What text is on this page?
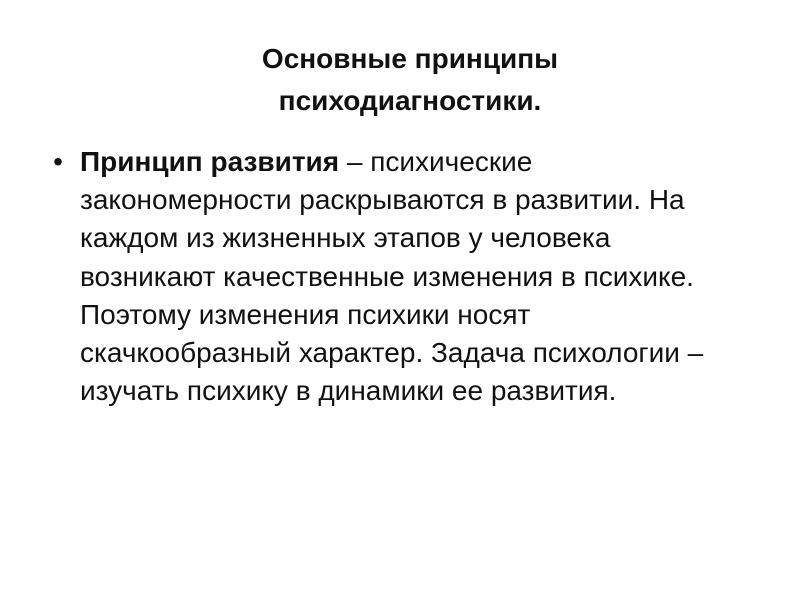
Основные принципы психодиагностики.
• Принцип развития – психические закономерности раскрываются в развитии. На каждом из жизненных этапов у человека возникают качественные изменения в психике. Поэтому изменения психики носят скачкообразный характер. Задача психологии – изучать психику в динамики ее развития.
